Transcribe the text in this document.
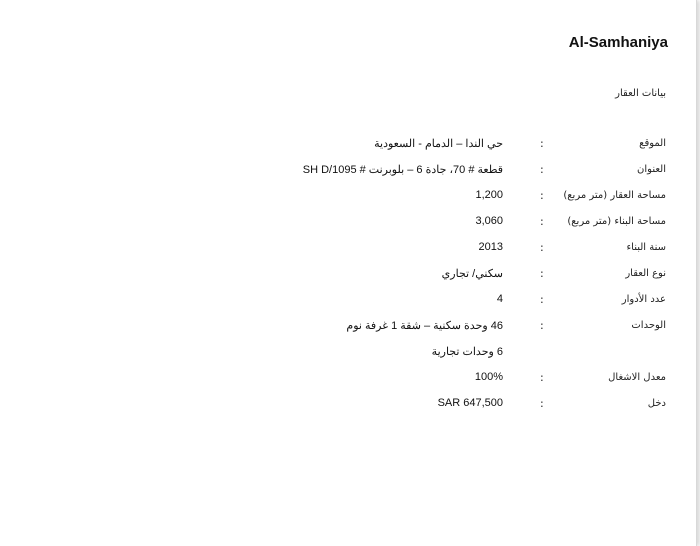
Al-Samhaniya
بيانات العقار
الموقع
:
حي الندا – الدمام - السعودية
العنوان
:
قطعة # 70، جادة 6 – بلوبرنت # 1095/SH D
مساحة العقار (متر مربع)
:
1,200
مساحة البناء (متر مربع)
:
3,060
سنة البناء
:
2013
نوع العقار
:
سكني/ تجاري
عدد الأدوار
:
4
الوحدات
:
46 وحدة سكنية – شقة 1 غرفة نوم
6 وحدات تجارية
معدل الاشغال
:
100%
دخل
:
SAR 647,500
